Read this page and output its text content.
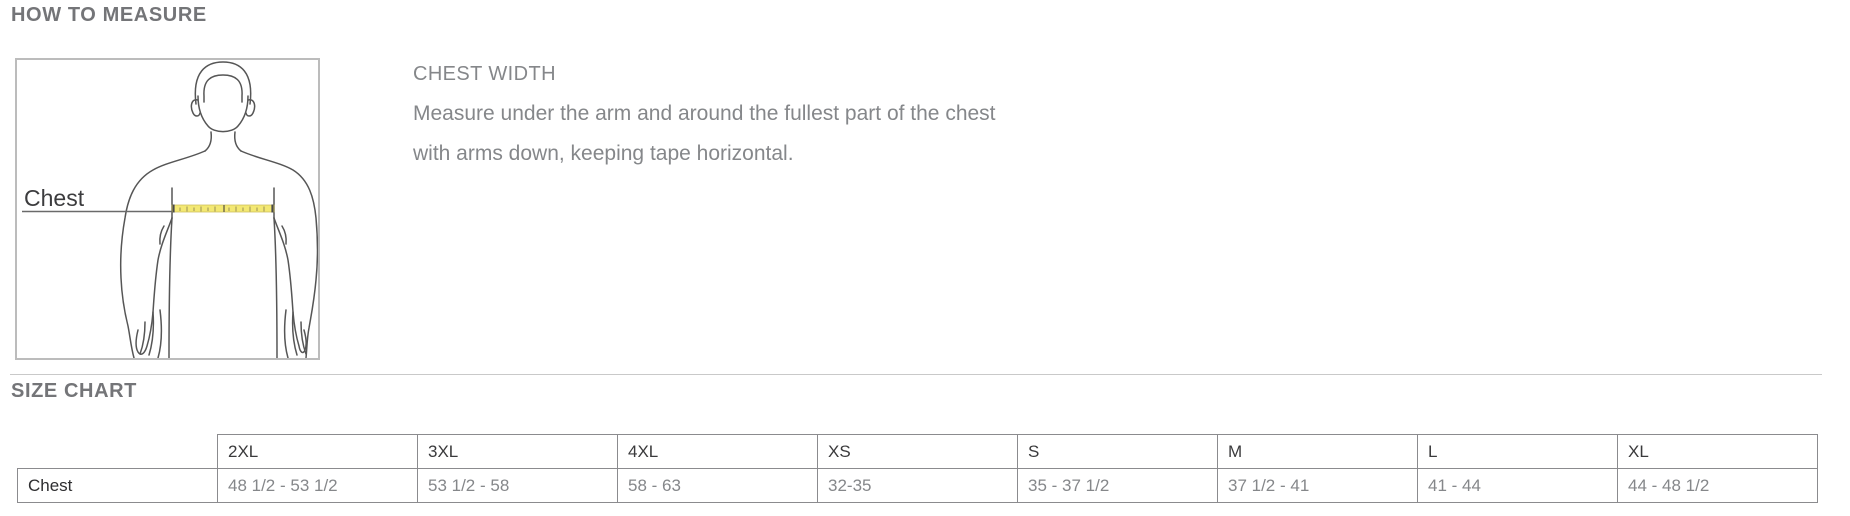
HOW TO MEASURE
Chest
CHEST WIDTH
Measure under the arm and around the fullest part of the chest
with arms down, keeping tape horizontal.
SIZE CHART
	2XL	3XL	4XL	XS	S	M	L	XL
Chest	48 1/2 - 53 1/2	53 1/2 - 58	58 - 63	32-35	35 - 37 1/2	37 1/2 - 41	41 - 44	44 - 48 1/2
